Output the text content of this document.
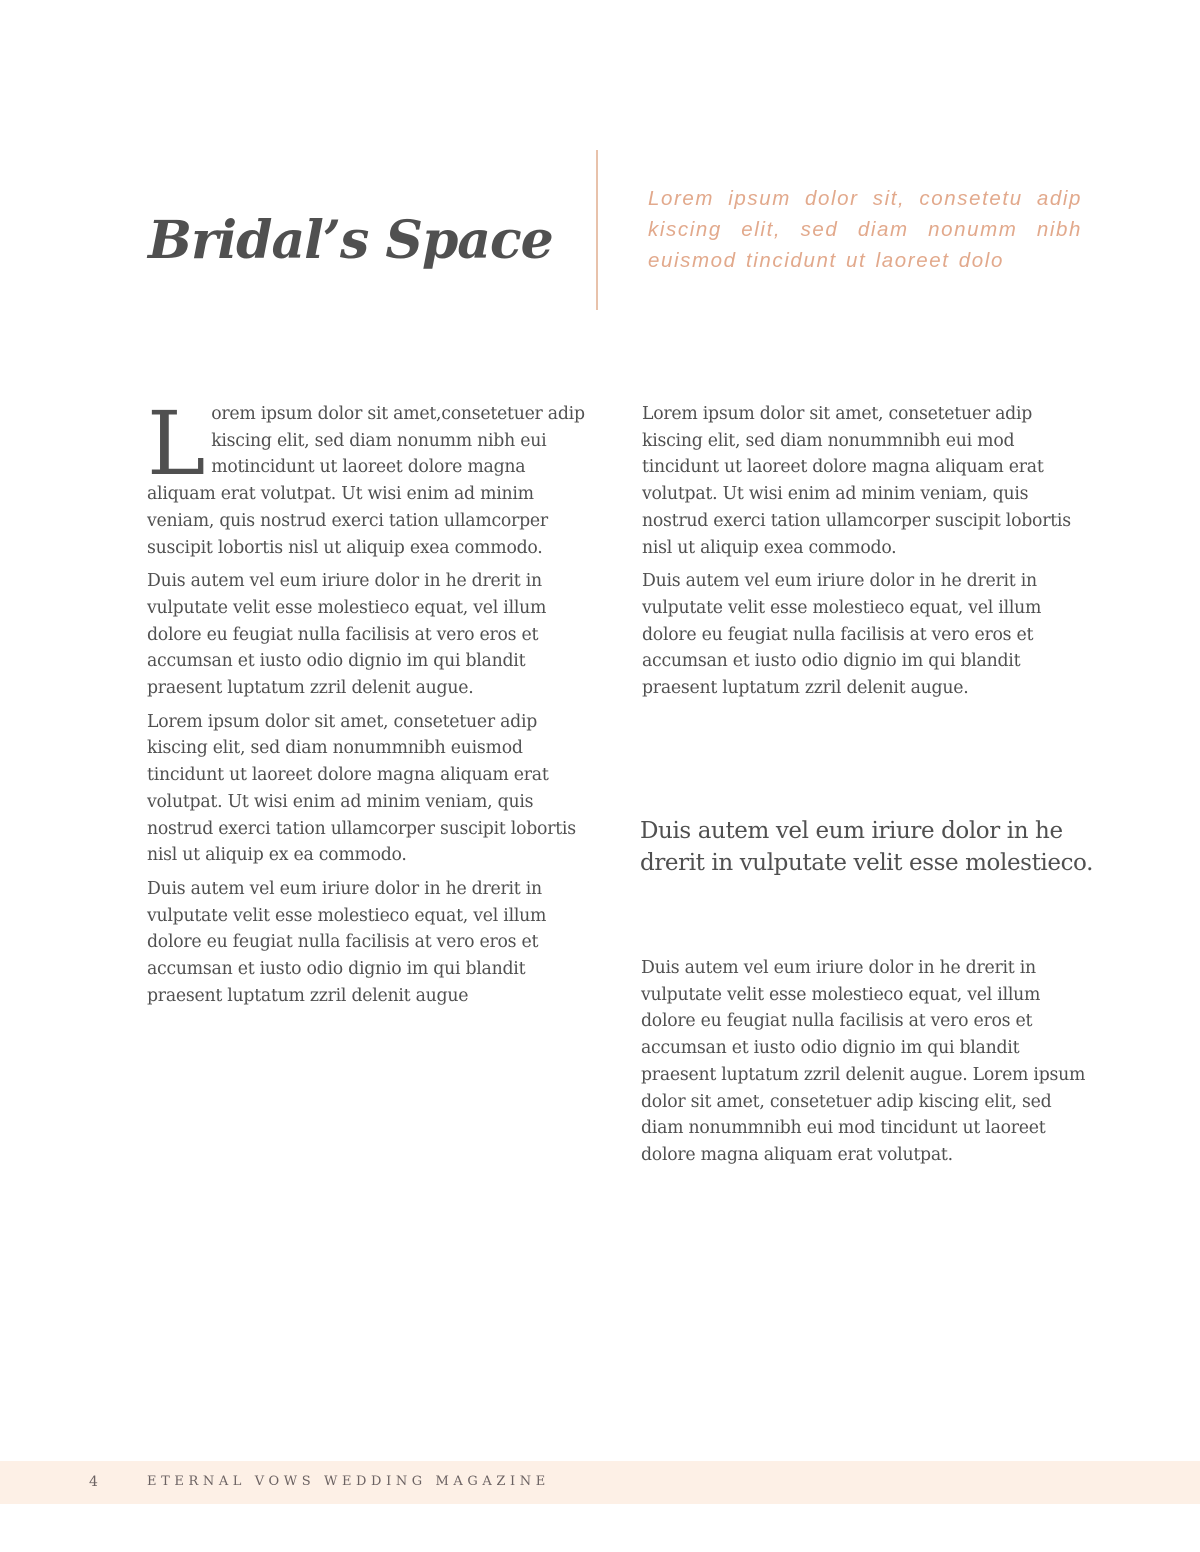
Bridal’s Space

Lorem ipsum dolor sit, consetetu adip kiscing elit, sed diam nonumm nibh euismod tincidunt ut laoreet dolo

Lorem ipsum dolor sit amet,consetetuer adip kiscing elit, sed diam nonumm nibh eui motincidunt ut laoreet dolore magna aliquam erat volutpat. Ut wisi enim ad minim veniam, quis nostrud exerci tation ullamcorper suscipit lobortis nisl ut aliquip exea commodo.

Duis autem vel eum iriure dolor in he drerit in vulputate velit esse molestieco equat, vel illum dolore eu feugiat nulla facilisis at vero eros et accumsan et iusto odio dignio im qui blandit praesent luptatum zzril delenit augue.

Lorem ipsum dolor sit amet, consetetuer adip kiscing elit, sed diam nonummnibh euismod tincidunt ut laoreet dolore magna aliquam erat volutpat. Ut wisi enim ad minim veniam, quis nostrud exerci tation ullamcorper suscipit lobortis nisl ut aliquip ex ea commodo.

Duis autem vel eum iriure dolor in he drerit in vulputate velit esse molestieco equat, vel illum dolore eu feugiat nulla facilisis at vero eros et accumsan et iusto odio dignio im qui blandit praesent luptatum zzril delenit augue

Lorem ipsum dolor sit amet, consetetuer adip kiscing elit, sed diam nonummnibh eui mod tincidunt ut laoreet dolore magna aliquam erat volutpat. Ut wisi enim ad minim veniam, quis nostrud exerci tation ullamcorper suscipit lobortis nisl ut aliquip exea commodo.

Duis autem vel eum iriure dolor in he drerit in vulputate velit esse molestieco equat, vel illum dolore eu feugiat nulla facilisis at vero eros et accumsan et iusto odio dignio im qui blandit praesent luptatum zzril delenit augue.

Duis autem vel eum iriure dolor in he drerit in vulputate velit esse molestieco.

Duis autem vel eum iriure dolor in he drerit in vulputate velit esse molestieco equat, vel illum dolore eu feugiat nulla facilisis at vero eros et accumsan et iusto odio dignio im qui blandit praesent luptatum zzril delenit augue. Lorem ipsum dolor sit amet, consetetuer adip kiscing elit, sed diam nonummnibh eui mod tincidunt ut laoreet dolore magna aliquam erat volutpat.

4	ETERNAL VOWS WEDDING MAGAZINE
